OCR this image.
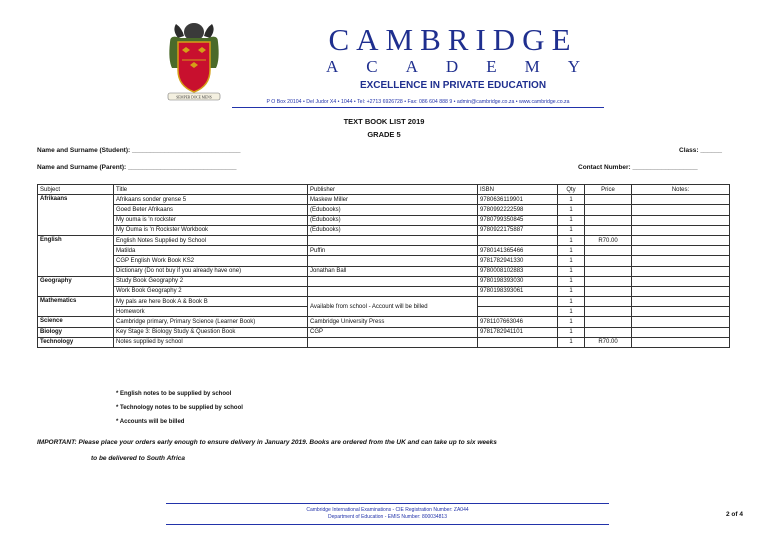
SEMPER DOCE MENS
CAMBRIDGE
A C A D E M Y
EXCELLENCE IN PRIVATE EDUCATION
P O Box 20104 • Del Judor X4 • 1044 • Tel: +2713 6926728 • Fax: 086 604 888 9 • admin@cambridge.co.za • www.cambridge.co.za
TEXT BOOK LIST 2019
GRADE 5
Name and Surname (Student): ______________________________	Class: ______
Name and Surname (Parent): ______________________________	Contact Number: __________________
Subject	Title	Publisher	ISBN	Qty	Price	Notes:
Afrikaans	Afrikaans sonder grense 5	Maskew Miller	9780636119901	1		
	Goed Beter Afrikaans	(Edubooks)	9780992222598	1		
	My ouma is 'n rockster	(Edubooks)	9780799350845	1		
	My Ouma is 'n Rockster Workbook	(Edubooks)	9780922175887	1		
English	English Notes Supplied by School			1	R70.00	
	Matilda	Puffin	9780141365466	1		
	CGP English Work Book KS2		9781782941330	1		
	Dictionary (Do not buy if you already have one)	Jonathan Ball	9780008102883	1		
Geography	Study Book Geography 2		9780198393030	1		
	Work Book Geography 2		9780198393061	1		
Mathematics	My pals are here Book A & Book B	Available from school - Account will be billed		1		
	Homework			1		
Science	Cambridge primary, Primary Science (Learner Book)	Cambridge University Press	9781107663046	1		
Biology	Key Stage 3: Biology Study & Question Book	CGP	9781782941101	1		
Technology	Notes supplied by school			1	R70.00	
* English notes to be supplied by school
* Technology notes to be supplied by school
* Accounts will be billed
IMPORTANT: Please place your orders early enough to ensure delivery in January 2019. Books are ordered from the UK and can take up to six weeks
to be delivered to South Africa
Cambridge International Examinations - CIE Registration Number: ZA044
Department of Education - EMIS Number: 800034813	2 of 4
